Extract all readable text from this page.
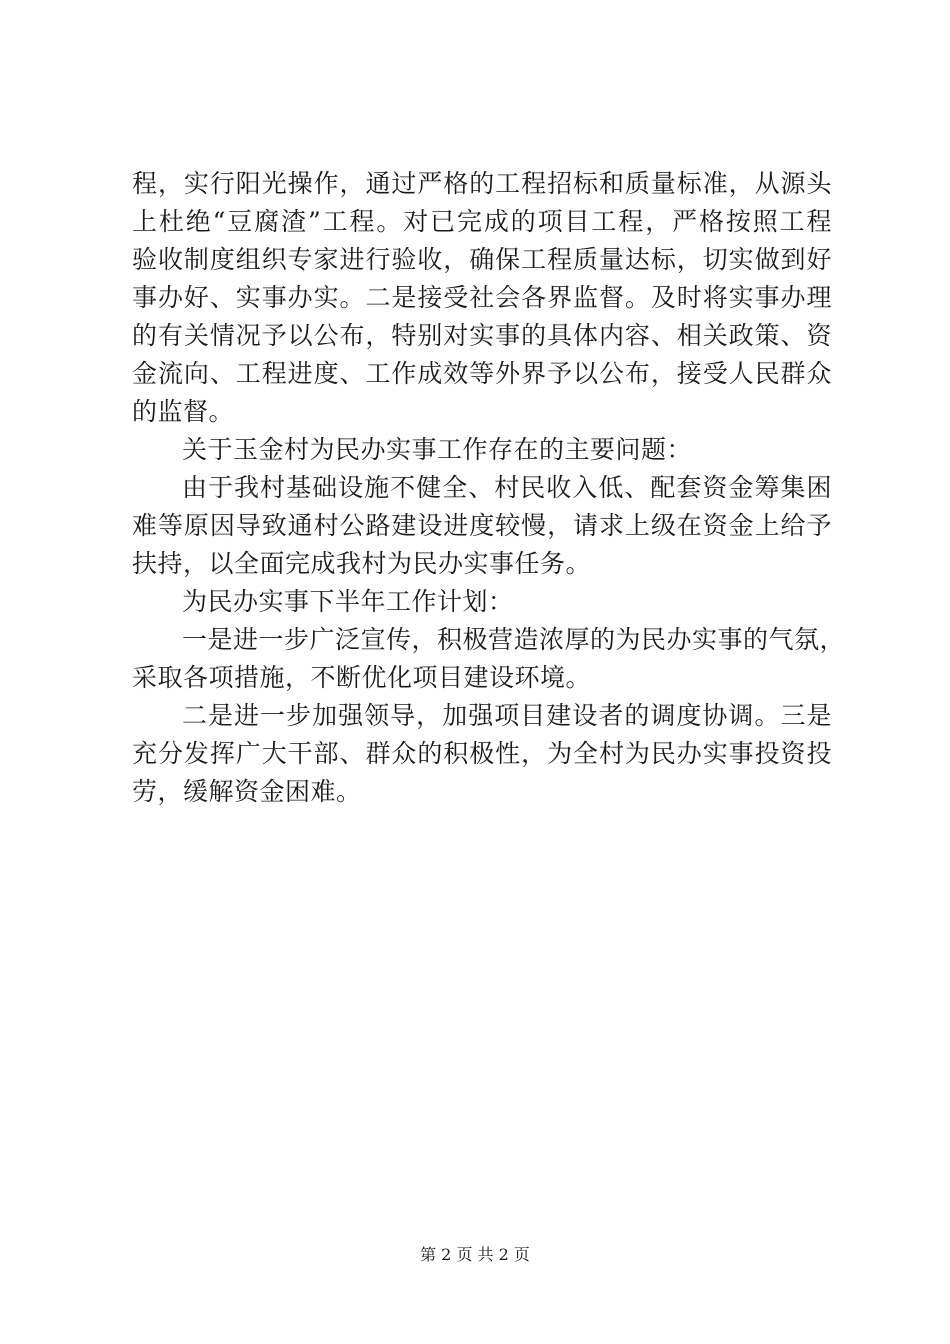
程，实行阳光操作，通过严格的工程招标和质量标准，从源头
上杜绝“豆腐渣”工程。对已完成的项目工程，严格按照工程
验收制度组织专家进行验收，确保工程质量达标，切实做到好
事办好、实事办实。二是接受社会各界监督。及时将实事办理
的有关情况予以公布，特别对实事的具体内容、相关政策、资
金流向、工程进度、工作成效等外界予以公布，接受人民群众
的监督。
关于玉金村为民办实事工作存在的主要问题：
由于我村基础设施不健全、村民收入低、配套资金筹集困
难等原因导致通村公路建设进度较慢，请求上级在资金上给予
扶持，以全面完成我村为民办实事任务。
为民办实事下半年工作计划：
一是进一步广泛宣传，积极营造浓厚的为民办实事的气氛，
采取各项措施，不断优化项目建设环境。
二是进一步加强领导，加强项目建设者的调度协调。三是
充分发挥广大干部、群众的积极性，为全村为民办实事投资投
劳，缓解资金困难。
第 2 页 共 2 页
